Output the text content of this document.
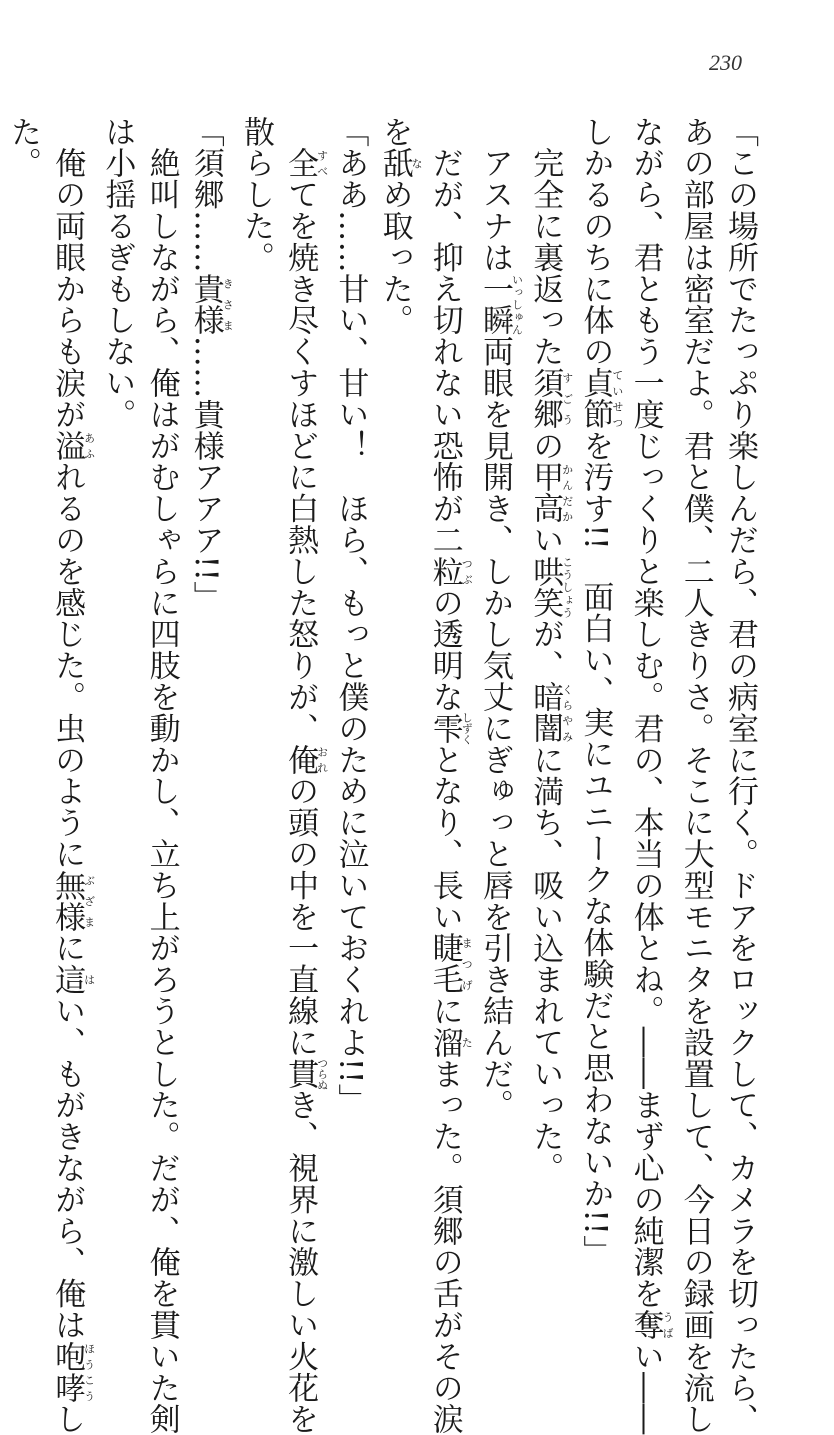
230
「この場所でたっぷり楽しんだら、君の病室に行く。ドアをロックして、カメラを切ったら、
あの部屋は密室だよ。君と僕、二人きりさ。そこに大型モニタを設置して、今日の録画を流し
ながら、君ともう一度じっくりと楽しむ。君の、本当の体とね。――まず心の純潔を奪うばい――
しかるのちに体の貞節ていせつを汚す!!　面白い、実にユニークな体験だと思わないか!!」
　完全に裏返った須郷すごうの甲高かんだかい哄笑こうしょうが、暗闇くらやみに満ち、吸い込まれていった。
　アスナは一瞬いっしゅん両眼を見開き、しかし気丈にぎゅっと唇を引き結んだ。
　だが、抑え切れない恐怖が二粒つぶの透明な雫しずくとなり、長い睫毛まつげに溜たまった。須郷の舌がその涙
を舐なめ取った。
「ああ……甘い、甘い！　ほら、もっと僕のために泣いておくれよ!!」
　全すべてを焼き尽くすほどに白熱した怒りが、俺おれの頭の中を一直線に貫つらぬき、視界に激しい火花を
散らした。
「須郷……貴様きさま……貴様アアア!!」
　絶叫しながら、俺はがむしゃらに四肢を動かし、立ち上がろうとした。だが、俺を貫いた剣
は小揺るぎもしない。
　俺の両眼からも涙が溢あふれるのを感じた。虫のように無様ぶざまに這はい、もがきながら、俺は咆哮ほうこうし
た。
